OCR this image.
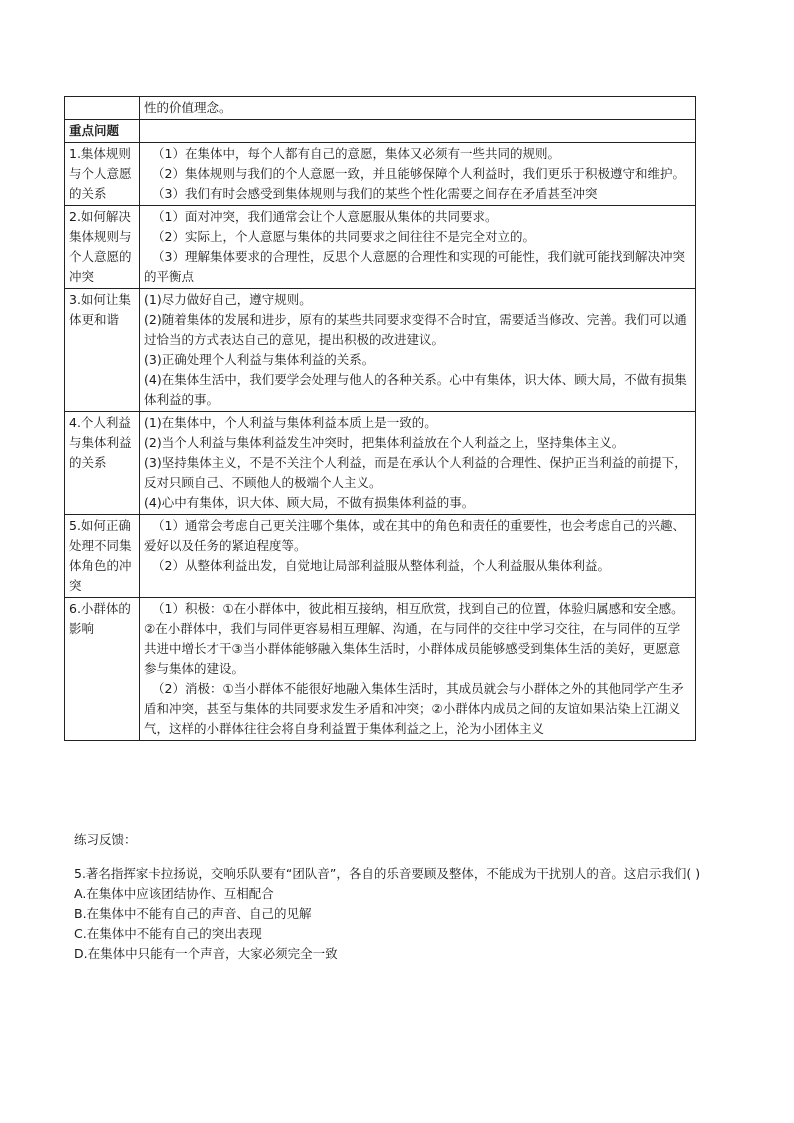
	性的价值理念。
重点问题	
1.集体规则与个人意愿的关系	（1）在集体中，每个人都有自己的意愿，集体又必须有一些共同的规则。
（2）集体规则与我们的个人意愿一致，并且能够保障个人利益时，我们更乐于积极遵守和维护。
（3）我们有时会感受到集体规则与我们的某些个性化需要之间存在矛盾甚至冲突

2.如何解决集体规则与个人意愿的冲突	（1）面对冲突，我们通常会让个人意愿服从集体的共同要求。
（2）实际上，个人意愿与集体的共同要求之间往往不是完全对立的。
（3）理解集体要求的合理性，反思个人意愿的合理性和实现的可能性，我们就可能找到解决冲突的平衡点

3.如何让集体更和谐	(1)尽力做好自己，遵守规则。
(2)随着集体的发展和进步，原有的某些共同要求变得不合时宜，需要适当修改、完善。我们可以通过恰当的方式表达自己的意见，提出积极的改进建议。
(3)正确处理个人利益与集体利益的关系。
(4)在集体生活中，我们要学会处理与他人的各种关系。心中有集体，识大体、顾大局，不做有损集体利益的事。

4.个人利益与集体利益的关系	(1)在集体中，个人利益与集体利益本质上是一致的。
(2)当个人利益与集体利益发生冲突时，把集体利益放在个人利益之上，坚持集体主义。
(3)坚持集体主义，不是不关注个人利益，而是在承认个人利益的合理性、保护正当利益的前提下，反对只顾自己、不顾他人的极端个人主义。
(4)心中有集体，识大体、顾大局，不做有损集体利益的事。

5.如何正确处理不同集体角色的冲突	（1）通常会考虑自己更关注哪个集体，或在其中的角色和责任的重要性，也会考虑自己的兴趣、爱好以及任务的紧迫程度等。
（2）从整体利益出发，自觉地让局部利益服从整体利益，个人利益服从集体利益。

6.小群体的影响	（1）积极：①在小群体中，彼此相互接纳，相互欣赏，找到自己的位置，体验归属感和安全感。②在小群体中，我们与同伴更容易相互理解、沟通，在与同伴的交往中学习交往，在与同伴的互学共进中增长才干③当小群体能够融入集体生活时，小群体成员能够感受到集体生活的美好，更愿意参与集体的建设。
（2）消极：①当小群体不能很好地融入集体生活时，其成员就会与小群体之外的其他同学产生矛盾和冲突，甚至与集体的共同要求发生矛盾和冲突；②小群体内成员之间的友谊如果沾染上江湖义气，这样的小群体往往会将自身利益置于集体利益之上，沦为小团体主义
练习反馈：
5.著名指挥家卡拉扬说，交响乐队要有“团队音”，各自的乐音要顾及整体，不能成为干扰别人的音。这启示我们( )
A.在集体中应该团结协作、互相配合
B.在集体中不能有自己的声音、自己的见解
C.在集体中不能有自己的突出表现
D.在集体中只能有一个声音，大家必须完全一致
